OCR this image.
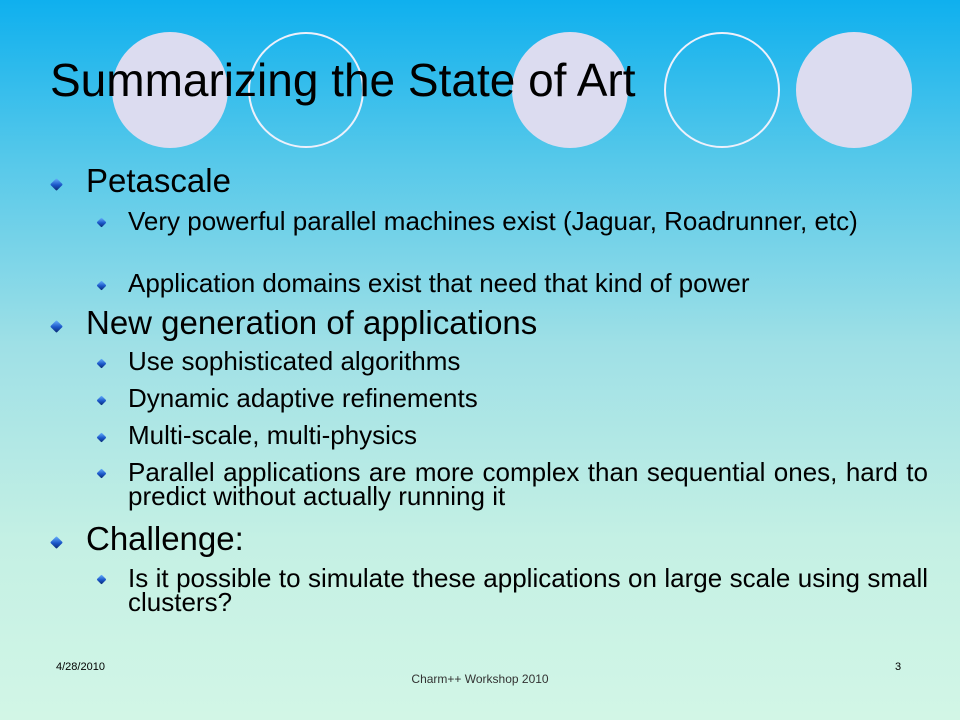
Summarizing the State of Art

Petascale

Very powerful parallel machines exist (Jaguar, Roadrunner, etc)

Application domains exist that need that kind of power

New generation of applications

Use sophisticated algorithms

Dynamic adaptive refinements

Multi-scale, multi-physics

Parallel applications are more complex than sequential ones, hard to predict without actually running it

Challenge:

Is it possible to simulate these applications on large scale using small clusters?

4/28/2010
Charm++ Workshop 2010
3
